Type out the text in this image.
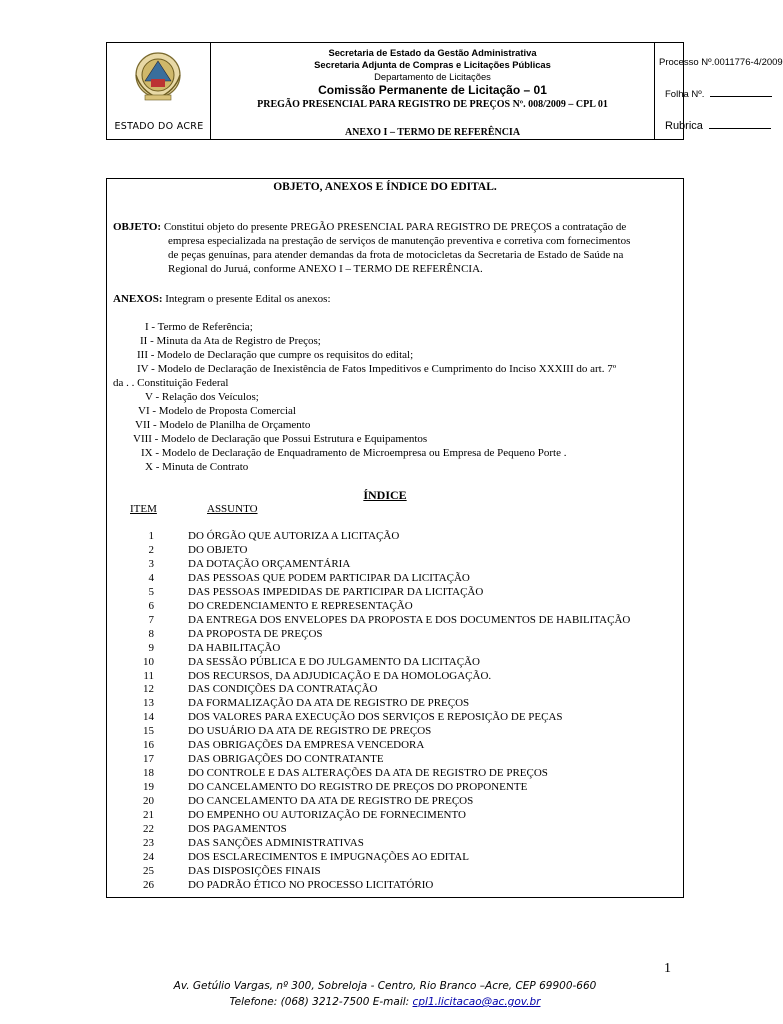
ESTADO DO ACRE
Secretaria de Estado da Gestão Administrativa
Secretaria Adjunta de Compras e Licitações Públicas
Departamento de Licitações
Comissão Permanente de Licitação – 01
PREGÃO PRESENCIAL PARA REGISTRO DE PREÇOS Nº. 008/2009 – CPL 01
ANEXO I – TERMO DE REFERÊNCIA
Processo Nº.0011776-4/2009
Folha Nº.
Rubrica
OBJETO, ANEXOS E ÍNDICE DO EDITAL.
OBJETO: Constitui objeto do presente PREGÃO PRESENCIAL PARA REGISTRO DE PREÇOS a contratação de
empresa especializada na prestação de serviços de manutenção preventiva e corretiva com fornecimentos
de peças genuínas, para atender demandas da frota de motocicletas da Secretaria de Estado de Saúde na
Regional do Juruá, conforme ANEXO I – TERMO DE REFERÊNCIA.
ANEXOS: Integram o presente Edital os anexos:
I - Termo de Referência;
II - Minuta da Ata de Registro de Preços;
III - Modelo de Declaração que cumpre os requisitos do edital;
IV - Modelo de Declaração de Inexistência de Fatos Impeditivos e Cumprimento do Inciso XXXIII do art. 7º
da . . Constituição Federal
V - Relação dos Veículos;
VI - Modelo de Proposta Comercial
VII - Modelo de Planilha de Orçamento
VIII - Modelo de Declaração que Possui Estrutura e Equipamentos
IX - Modelo de Declaração de Enquadramento de Microempresa ou Empresa de Pequeno Porte .
X - Minuta de Contrato
ÍNDICE
ITEM	ASSUNTO
1	DO ÓRGÃO QUE AUTORIZA A LICITAÇÃO
2	DO OBJETO
3	DA DOTAÇÃO ORÇAMENTÁRIA
4	DAS PESSOAS QUE PODEM PARTICIPAR DA LICITAÇÃO
5	DAS PESSOAS IMPEDIDAS DE PARTICIPAR DA LICITAÇÃO
6	DO CREDENCIAMENTO E REPRESENTAÇÃO
7	DA ENTREGA DOS ENVELOPES DA PROPOSTA E DOS DOCUMENTOS DE HABILITAÇÃO
8	DA PROPOSTA DE PREÇOS
9	DA HABILITAÇÃO
10	DA SESSÃO PÚBLICA E DO JULGAMENTO DA LICITAÇÃO
11	DOS RECURSOS, DA ADJUDICAÇÃO E DA HOMOLOGAÇÃO.
12	DAS CONDIÇÕES DA CONTRATAÇÃO
13	DA FORMALIZAÇÃO DA ATA DE REGISTRO DE PREÇOS
14	DOS VALORES PARA EXECUÇÃO DOS SERVIÇOS E REPOSIÇÃO DE PEÇAS
15	DO USUÁRIO DA ATA DE REGISTRO DE PREÇOS
16	DAS OBRIGAÇÕES DA EMPRESA VENCEDORA
17	DAS OBRIGAÇÕES DO CONTRATANTE
18	DO CONTROLE E DAS ALTERAÇÕES DA ATA DE REGISTRO DE PREÇOS
19	DO CANCELAMENTO DO REGISTRO DE PREÇOS DO PROPONENTE
20	DO CANCELAMENTO DA ATA DE REGISTRO DE PREÇOS
21	DO EMPENHO OU AUTORIZAÇÃO DE FORNECIMENTO
22	DOS PAGAMENTOS
23	DAS SANÇÕES ADMINISTRATIVAS
24	DOS ESCLARECIMENTOS E IMPUGNAÇÕES AO EDITAL
25	DAS DISPOSIÇÕES FINAIS
26	DO PADRÃO ÉTICO NO PROCESSO LICITATÓRIO
1
Av. Getúlio Vargas, nº 300, Sobreloja - Centro, Rio Branco –Acre, CEP 69900-660
Telefone: (068) 3212-7500 E-mail: cpl1.licitacao@ac.gov.br
